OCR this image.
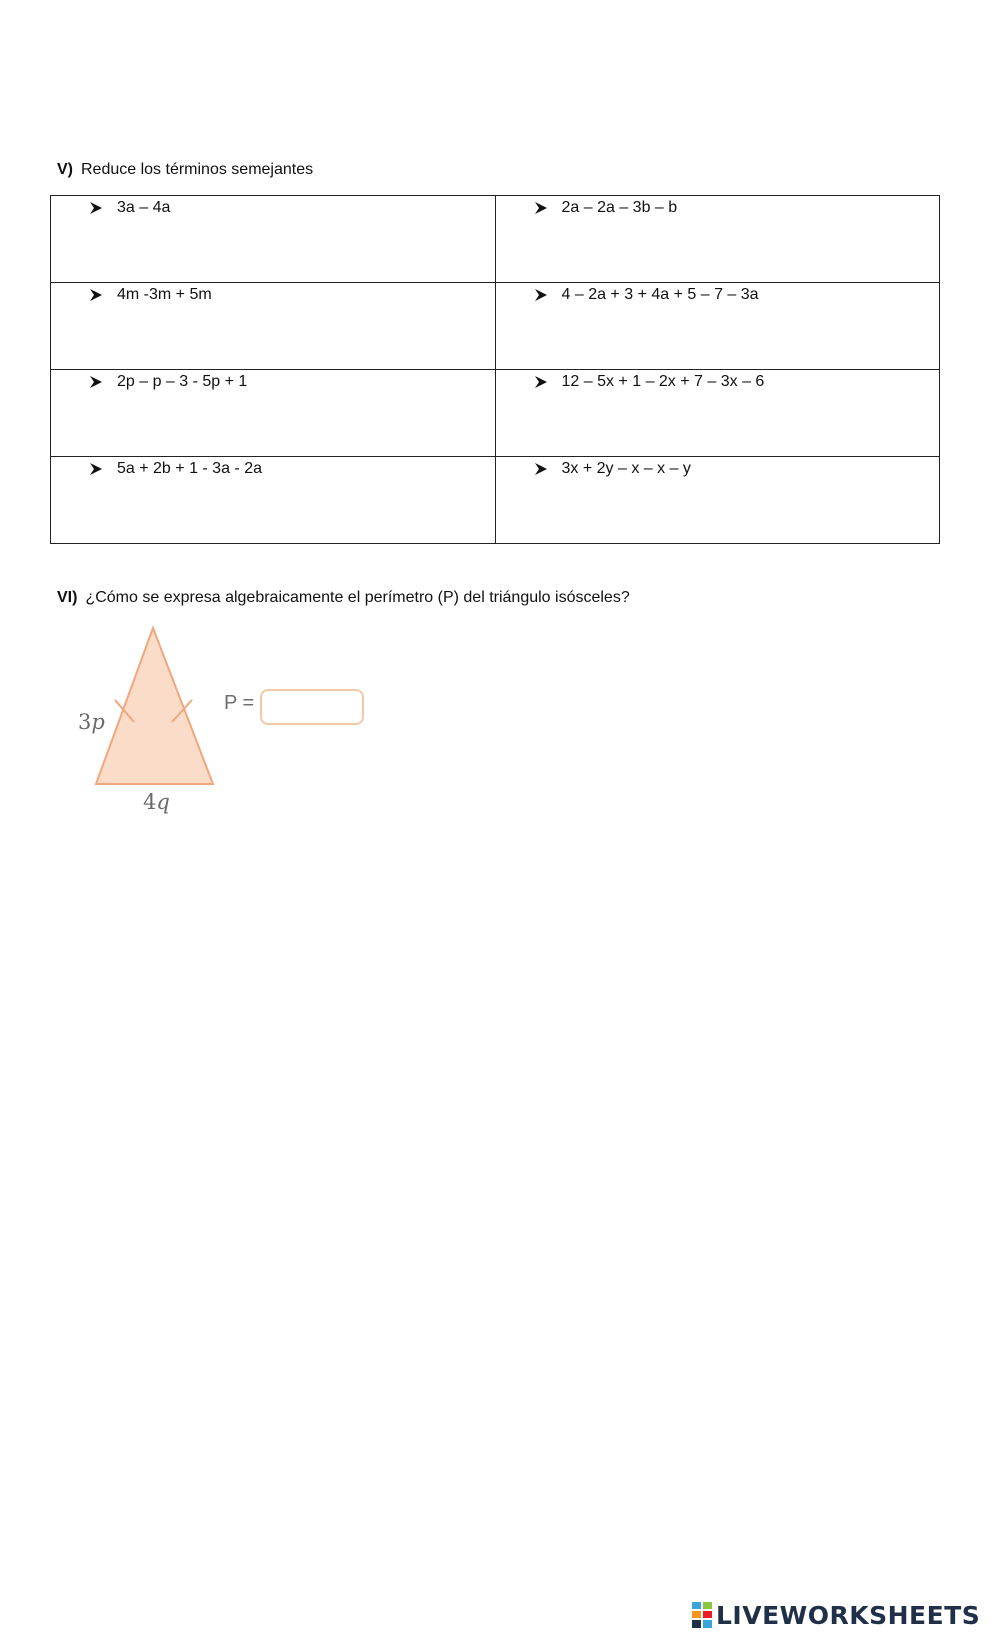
V) Reduce los términos semejantes
3a – 4a	2a – 2a – 3b – b

4m -3m + 5m	4 – 2a + 3 + 4a + 5 – 7 – 3a

2p – p – 3 - 5p + 1	12 – 5x + 1 – 2x + 7 – 3x – 6

5a + 2b + 1 - 3a - 2a	3x + 2y – x – x – y
VI) ¿Cómo se expresa algebraicamente el perímetro (P) del triángulo isósceles?
3p
4q
P =
LIVEWORKSHEETS
